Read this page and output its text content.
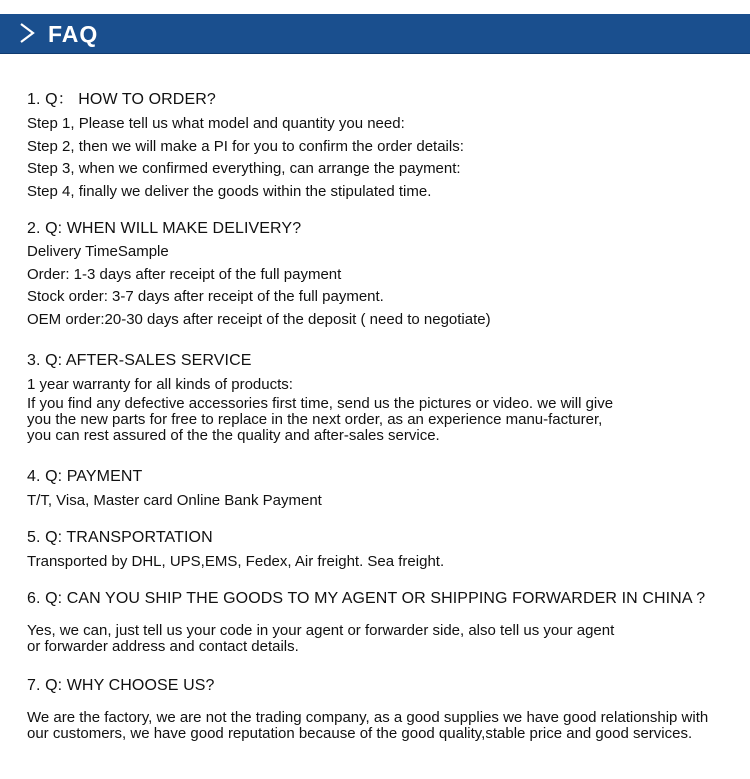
FAQ

1. Q： HOW TO ORDER?

Step 1, Please tell us what model and quantity you need:

Step 2, then we will make a PI for you to confirm the order details:

Step 3, when we confirmed everything, can arrange the payment:

Step 4, finally we deliver the goods within the stipulated time.

2. Q: WHEN WILL MAKE DELIVERY?

Delivery TimeSample

Order: 1-3 days after receipt of the full payment

Stock order: 3-7 days after receipt of the full payment.

OEM order:20-30 days after receipt of the deposit ( need to negotiate)

3. Q: AFTER-SALES SERVICE

1 year warranty for all kinds of products:

If you find any defective accessories first time, send us the pictures or video. we will give you the new parts for free to replace in the next order, as an experience manu-facturer, you can rest assured of the the quality and after-sales service.

4. Q: PAYMENT

T/T, Visa, Master card Online Bank Payment

5. Q: TRANSPORTATION

Transported by DHL, UPS,EMS, Fedex, Air freight. Sea freight.

6. Q: CAN YOU SHIP THE GOODS TO MY AGENT OR SHIPPING FORWARDER IN CHINA ?

Yes, we can, just tell us your code in your agent or forwarder side, also tell us your agent or forwarder address and contact details.

7. Q: WHY CHOOSE US?

We are the factory, we are not the trading company, as a good supplies we have good relationship with our customers, we have good reputation because of the good quality,stable price and good services.
